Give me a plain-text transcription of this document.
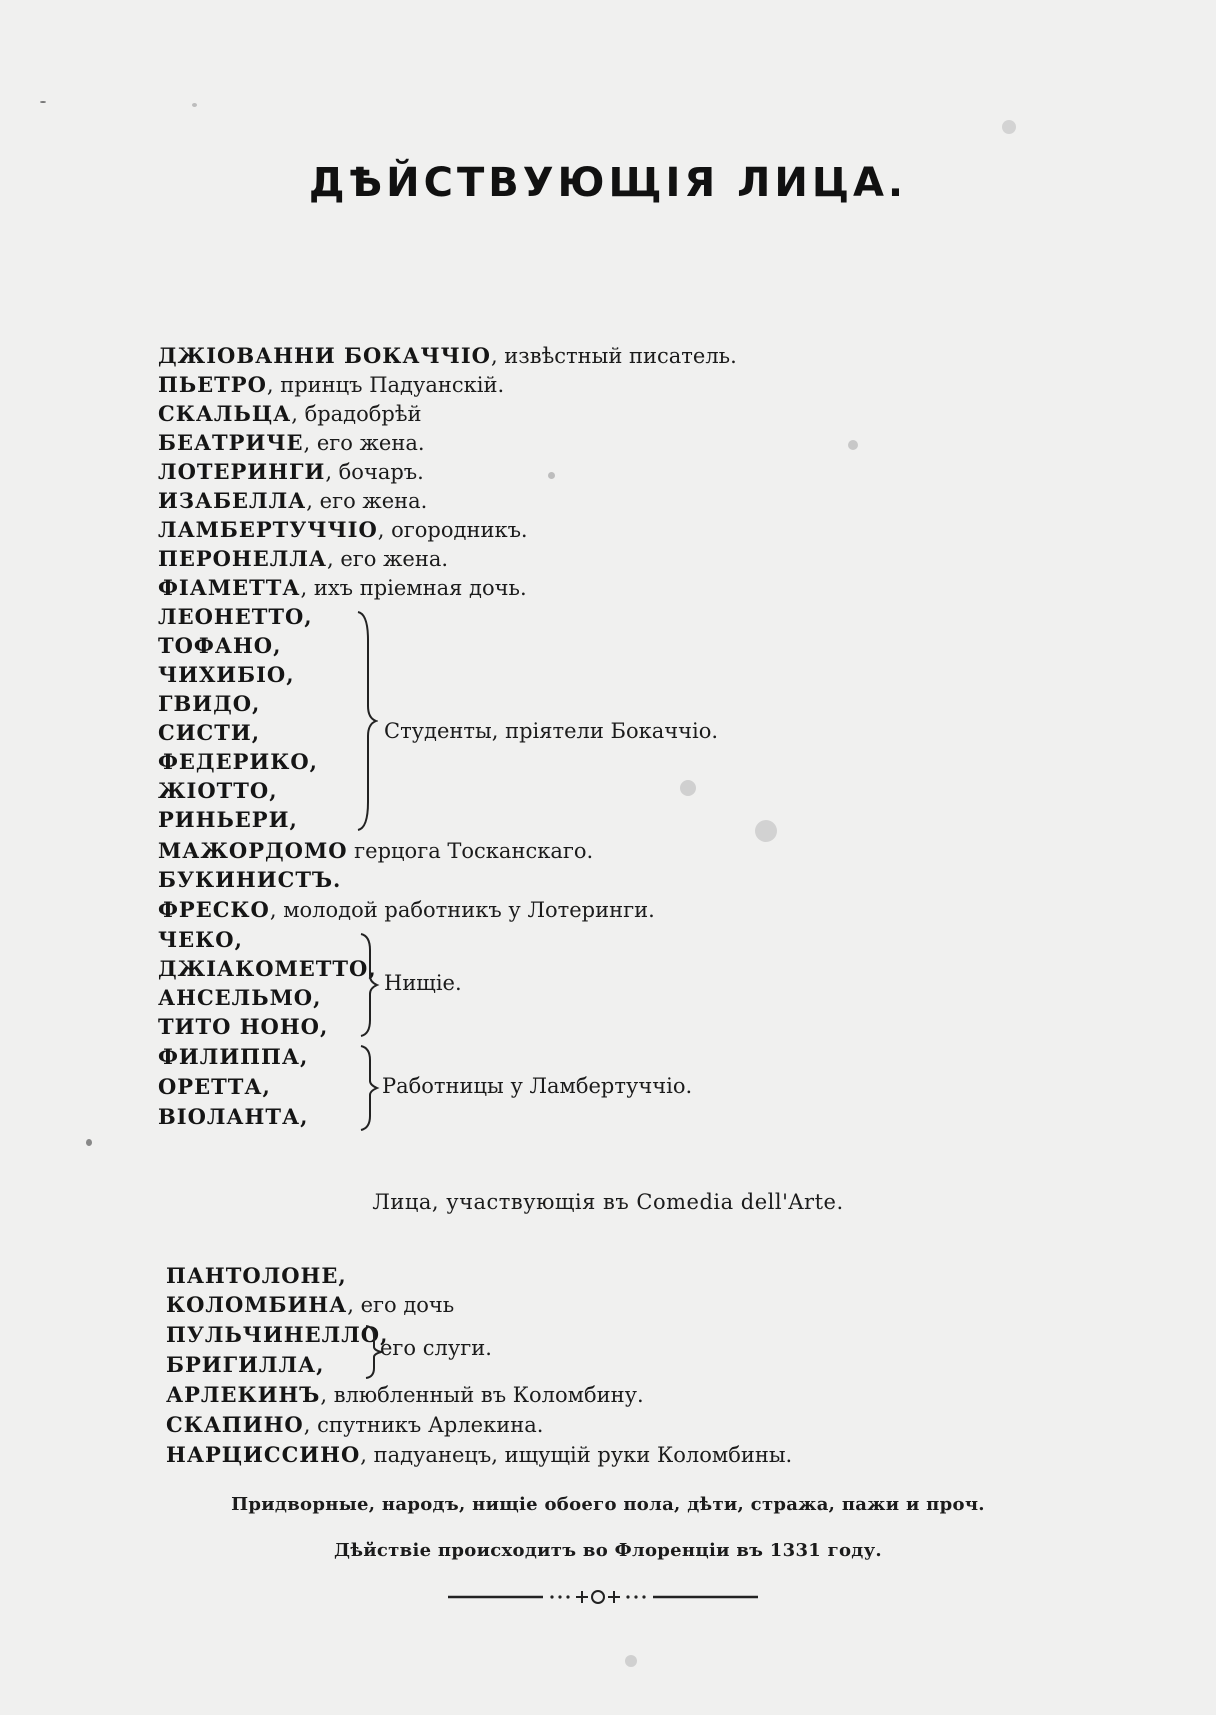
ДѢЙСТВУЮЩІЯ ЛИЦА.
ДЖІОВАННИ БОКАЧЧІО, извѣстный писатель.
ПЬЕТРО, принцъ Падуанскій.
СКАЛЬЦА, брадобрѣй
БЕАТРИЧЕ, его жена.
ЛОТЕРИНГИ, бочаръ.
ИЗАБЕЛЛА, его жена.
ЛАМБЕРТУЧЧІО, огородникъ.
ПЕРОНЕЛЛА, его жена.
ФІАМЕТТА, ихъ пріемная дочь.
ЛЕОНЕТТО,
ТОФАНО,
ЧИХИБІО,
ГВИДО,
СИСТИ,
ФЕДЕРИКО,
ЖІОТТО,
РИНЬЕРИ,
Студенты, пріятели Бокаччіо.
МАЖОРДОМО герцога Тосканскаго.
БУКИНИСТЪ.
ФРЕСКО, молодой работникъ у Лотеринги.
ЧЕКО,
ДЖІАКОМЕТТО,
АНСЕЛЬМО,
ТИТО НОНО,
Нищіе.
ФИЛИППА,
ОРЕТТА,
ВІОЛАНТА,
Работницы у Ламбертуччіо.
Лица, участвующія въ Comedia dell'Arte.
ПАНТОЛОНЕ,
КОЛОМБИНА, его дочь
ПУЛЬЧИНЕЛЛО,
БРИГИЛЛА,
его слуги.
АРЛЕКИНЪ, влюбленный въ Коломбину.
СКАПИНО, спутникъ Арлекина.
НАРЦИССИНО, падуанецъ, ищущій руки Коломбины.
Придворные, народъ, нищіе обоего пола, дѣти, стража, пажи и проч.
Дѣйствіе происходитъ во Флоренціи въ 1331 году.
